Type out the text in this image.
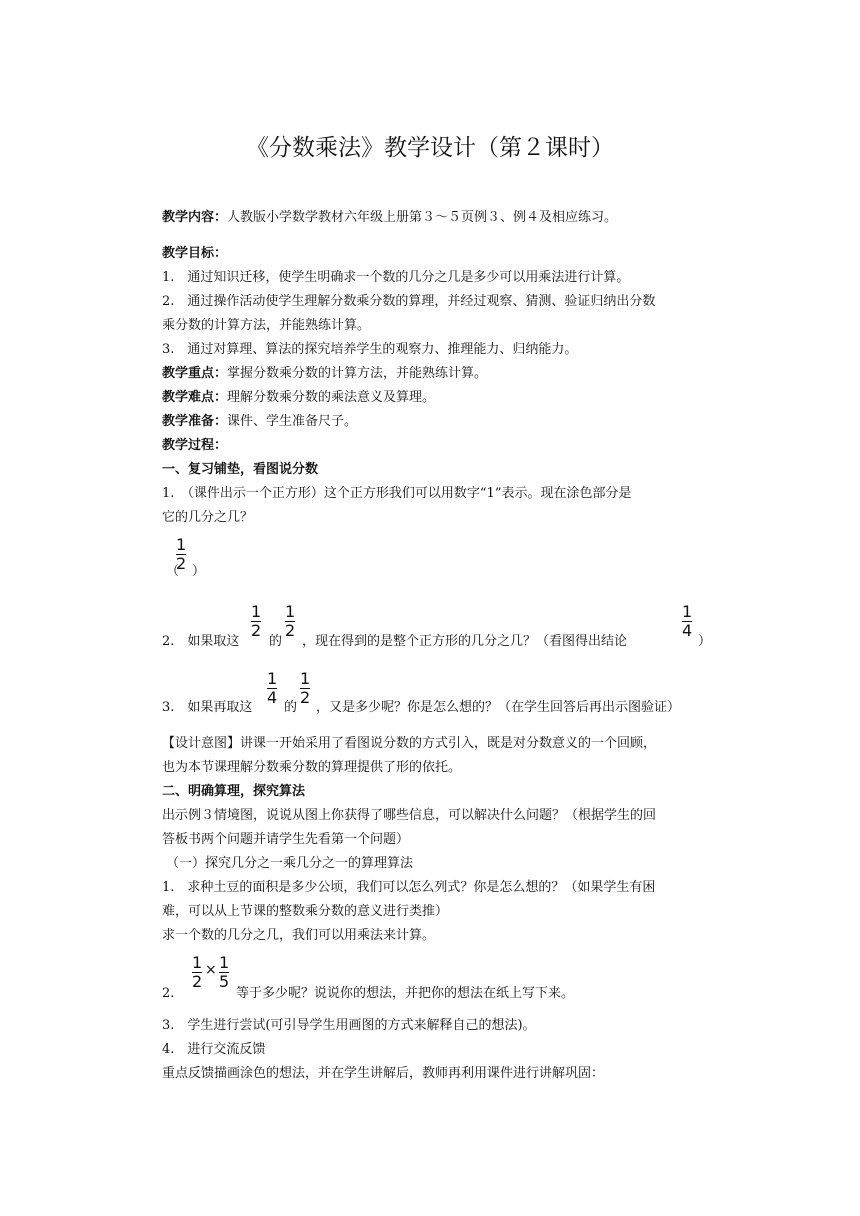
《分数乘法》教学设计（第２课时）
教学内容：人教版小学数学教材六年级上册第３～５页例３、例４及相应练习。
教学目标：
1.　通过知识迁移，使学生明确求一个数的几分之几是多少可以用乘法进行计算。
2.　通过操作活动使学生理解分数乘分数的算理，并经过观察、猜测、验证归纳出分数
乘分数的计算方法，并能熟练计算。
3.　通过对算理、算法的探究培养学生的观察力、推理能力、归纳能力。
教学重点：掌握分数乘分数的计算方法，并能熟练计算。
教学难点：理解分数乘分数的乘法意义及算理。
教学准备：课件、学生准备尺子。
教学过程：
一、复习铺垫，看图说分数
1.　（课件出示一个正方形）这个正方形我们可以用数字“1”表示。现在涂色部分是
它的几分之几？
$\frac{1}{2}$
（ ）
2.　如果取这
$\frac{1}{2}$
的
$\frac{1}{2}$
，现在得到的是整个正方形的几分之几？（看图得出结论
$\frac{1}{4}$
）
3.　如果再取这
$\frac{1}{4}$
的
$\frac{1}{2}$
，又是多少呢？你是怎么想的？（在学生回答后再出示图验证）
【设计意图】讲课一开始采用了看图说分数的方式引入，既是对分数意义的一个回顾，
也为本节课理解分数乘分数的算理提供了形的依托。
二、明确算理，探究算法
出示例３情境图，说说从图上你获得了哪些信息，可以解决什么问题？（根据学生的回
答板书两个问题并请学生先看第一个问题）
（一）探究几分之一乘几分之一的算理算法
1.　求种土豆的面积是多少公顷，我们可以怎么列式？你是怎么想的？（如果学生有困
难，可以从上节课的整数乘分数的意义进行类推）
求一个数的几分之几，我们可以用乘法来计算。
2.
$\frac{1}{2} \times \frac{1}{5}$
等于多少呢？说说你的想法，并把你的想法在纸上写下来。
3.　学生进行尝试(可引导学生用画图的方式来解释自己的想法)。
4.　进行交流反馈
重点反馈描画涂色的想法，并在学生讲解后，教师再利用课件进行讲解巩固：
